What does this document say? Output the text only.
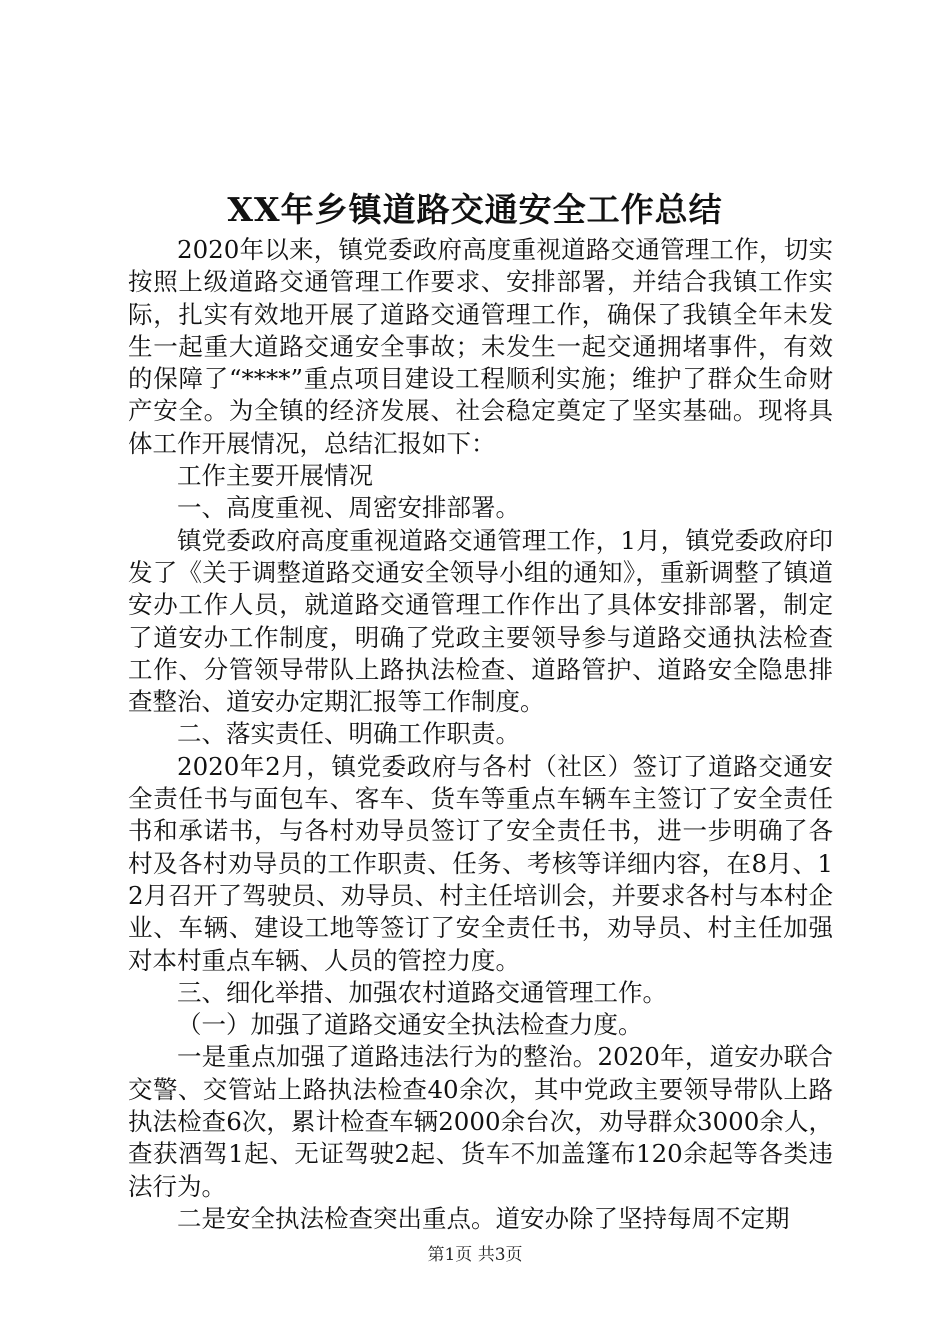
XX年乡镇道路交通安全工作总结

2020年以来，镇党委政府高度重视道路交通管理工作，切实按照上级道路交通管理工作要求、安排部署，并结合我镇工作实际，扎实有效地开展了道路交通管理工作，确保了我镇全年未发生一起重大道路交通安全事故；未发生一起交通拥堵事件，有效的保障了“****”重点项目建设工程顺利实施；维护了群众生命财产安全。为全镇的经济发展、社会稳定奠定了坚实基础。现将具体工作开展情况，总结汇报如下：

工作主要开展情况

一、高度重视、周密安排部署。

镇党委政府高度重视道路交通管理工作，1月，镇党委政府印发了《关于调整道路交通安全领导小组的通知》，重新调整了镇道安办工作人员，就道路交通管理工作作出了具体安排部署，制定了道安办工作制度，明确了党政主要领导参与道路交通执法检查工作、分管领导带队上路执法检查、道路管护、道路安全隐患排查整治、道安办定期汇报等工作制度。

二、落实责任、明确工作职责。

2020年2月，镇党委政府与各村（社区）签订了道路交通安全责任书与面包车、客车、货车等重点车辆车主签订了安全责任书和承诺书，与各村劝导员签订了安全责任书，进一步明确了各村及各村劝导员的工作职责、任务、考核等详细内容，在8月、12月召开了驾驶员、劝导员、村主任培训会，并要求各村与本村企业、车辆、建设工地等签订了安全责任书，劝导员、村主任加强对本村重点车辆、人员的管控力度。

三、细化举措、加强农村道路交通管理工作。

（一）加强了道路交通安全执法检查力度。

一是重点加强了道路违法行为的整治。2020年，道安办联合交警、交管站上路执法检查40余次，其中党政主要领导带队上路执法检查6次，累计检查车辆2000余台次，劝导群众3000余人，查获酒驾1起、无证驾驶2起、货车不加盖篷布120余起等各类违法行为。

二是安全执法检查突出重点。道安办除了坚持每周不定期

第1页 共3页
